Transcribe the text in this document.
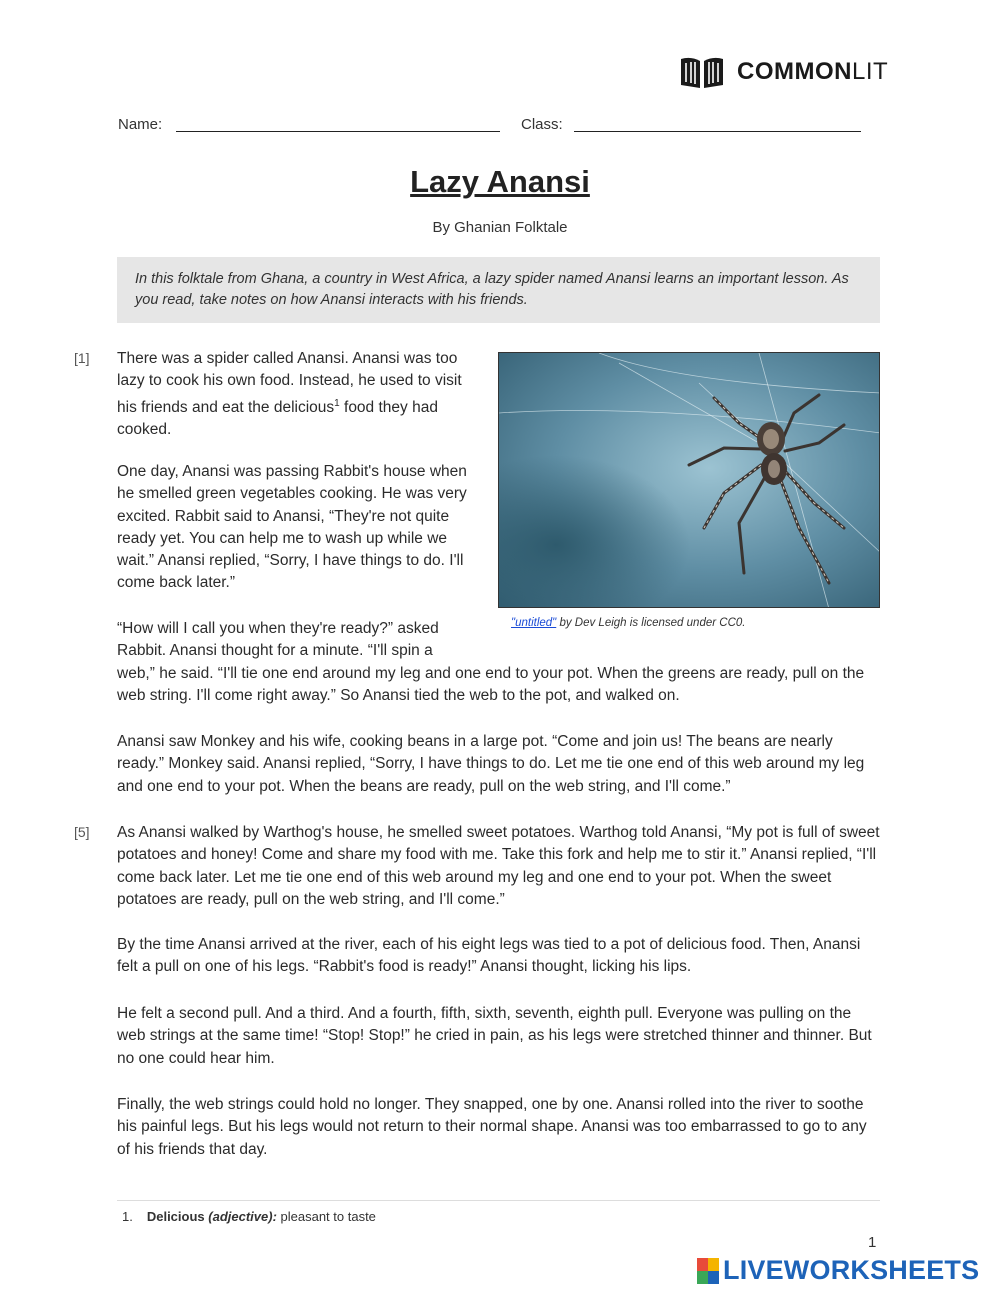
COMMONLIT
Name:	Class:
Lazy Anansi
By Ghanian Folktale
In this folktale from Ghana, a country in West Africa, a lazy spider named Anansi learns an important lesson. As you read, take notes on how Anansi interacts with his friends.
[1] There was a spider called Anansi. Anansi was too lazy to cook his own food. Instead, he used to visit his friends and eat the delicious$^1$ food they had cooked.
One day, Anansi was passing Rabbit's house when he smelled green vegetables cooking. He was very excited. Rabbit said to Anansi, “They're not quite ready yet. You can help me to wash up while we wait.” Anansi replied, “Sorry, I have things to do. I'll come back later.”
"untitled" by Dev Leigh is licensed under CC0.
“How will I call you when they're ready?” asked Rabbit. Anansi thought for a minute. “I'll spin a
web,” he said. “I'll tie one end around my leg and one end to your pot. When the greens are ready, pull on the web string. I'll come right away.” So Anansi tied the web to the pot, and walked on.
Anansi saw Monkey and his wife, cooking beans in a large pot. “Come and join us! The beans are nearly ready.” Monkey said. Anansi replied, “Sorry, I have things to do. Let me tie one end of this web around my leg and one end to your pot. When the beans are ready, pull on the web string, and I'll come.”
[5] As Anansi walked by Warthog's house, he smelled sweet potatoes. Warthog told Anansi, “My pot is full of sweet potatoes and honey! Come and share my food with me. Take this fork and help me to stir it.” Anansi replied, “I'll come back later. Let me tie one end of this web around my leg and one end to your pot. When the sweet potatoes are ready, pull on the web string, and I'll come.”
By the time Anansi arrived at the river, each of his eight legs was tied to a pot of delicious food. Then, Anansi felt a pull on one of his legs. “Rabbit's food is ready!” Anansi thought, licking his lips.
He felt a second pull. And a third. And a fourth, fifth, sixth, seventh, eighth pull. Everyone was pulling on the web strings at the same time! “Stop! Stop!” he cried in pain, as his legs were stretched thinner and thinner. But no one could hear him.
Finally, the web strings could hold no longer. They snapped, one by one. Anansi rolled into the river to soothe his painful legs. But his legs would not return to their normal shape. Anansi was too embarrassed to go to any of his friends that day.
1. Delicious (adjective): pleasant to taste
1
LIVEWORKSHEETS
